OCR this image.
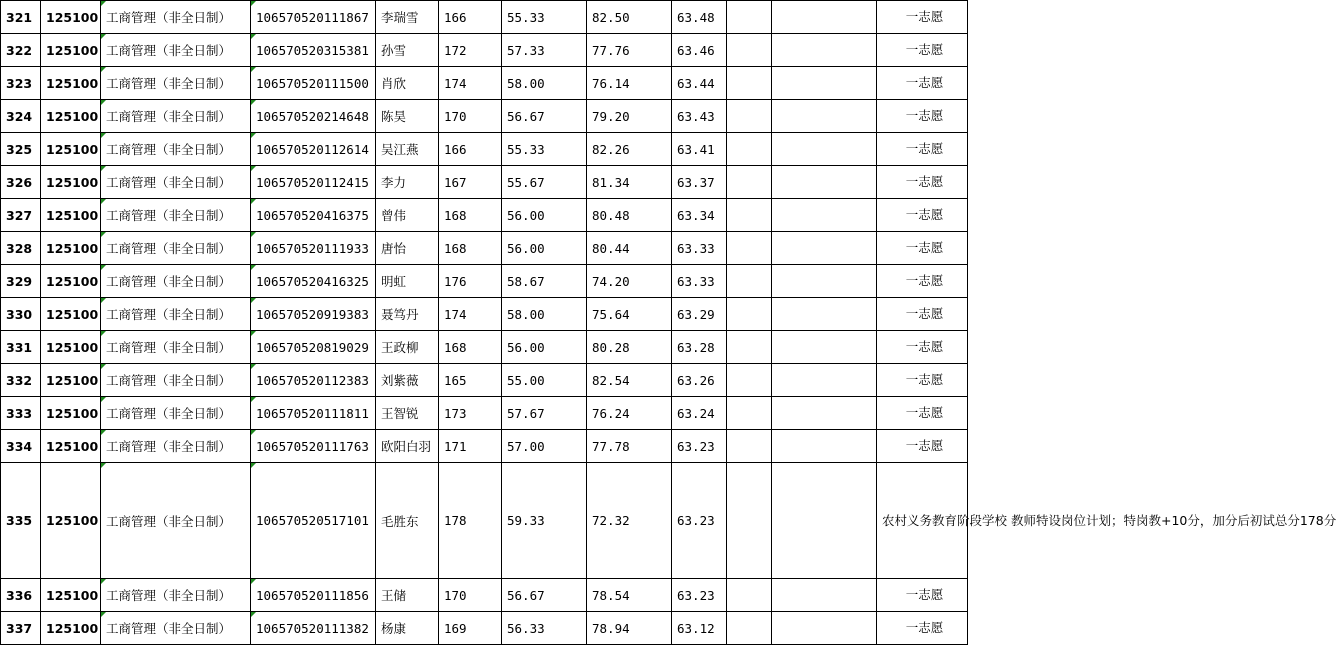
321	125100	工商管理（非全日制）	106570520111867	李瑞雪	166	55.33	82.50	63.48			一志愿
322	125100	工商管理（非全日制）	106570520315381	孙雪	172	57.33	77.76	63.46			一志愿
323	125100	工商管理（非全日制）	106570520111500	肖欣	174	58.00	76.14	63.44			一志愿
324	125100	工商管理（非全日制）	106570520214648	陈昊	170	56.67	79.20	63.43			一志愿
325	125100	工商管理（非全日制）	106570520112614	吴江燕	166	55.33	82.26	63.41			一志愿
326	125100	工商管理（非全日制）	106570520112415	李力	167	55.67	81.34	63.37			一志愿
327	125100	工商管理（非全日制）	106570520416375	曾伟	168	56.00	80.48	63.34			一志愿
328	125100	工商管理（非全日制）	106570520111933	唐怡	168	56.00	80.44	63.33			一志愿
329	125100	工商管理（非全日制）	106570520416325	明虹	176	58.67	74.20	63.33			一志愿
330	125100	工商管理（非全日制）	106570520919383	聂笃丹	174	58.00	75.64	63.29			一志愿
331	125100	工商管理（非全日制）	106570520819029	王政柳	168	56.00	80.28	63.28			一志愿
332	125100	工商管理（非全日制）	106570520112383	刘紫薇	165	55.00	82.54	63.26			一志愿
333	125100	工商管理（非全日制）	106570520111811	王智锐	173	57.67	76.24	63.24			一志愿
334	125100	工商管理（非全日制）	106570520111763	欧阳白羽	171	57.00	77.78	63.23			一志愿
335	125100	工商管理（非全日制）	106570520517101	毛胜东	178	59.33	72.32	63.23			农村义务教育阶段学校 教师特设岗位计划；特岗教+10分，加分后初试总分178分
336	125100	工商管理（非全日制）	106570520111856	王储	170	56.67	78.54	63.23			一志愿
337	125100	工商管理（非全日制）	106570520111382	杨康	169	56.33	78.94	63.12			一志愿
